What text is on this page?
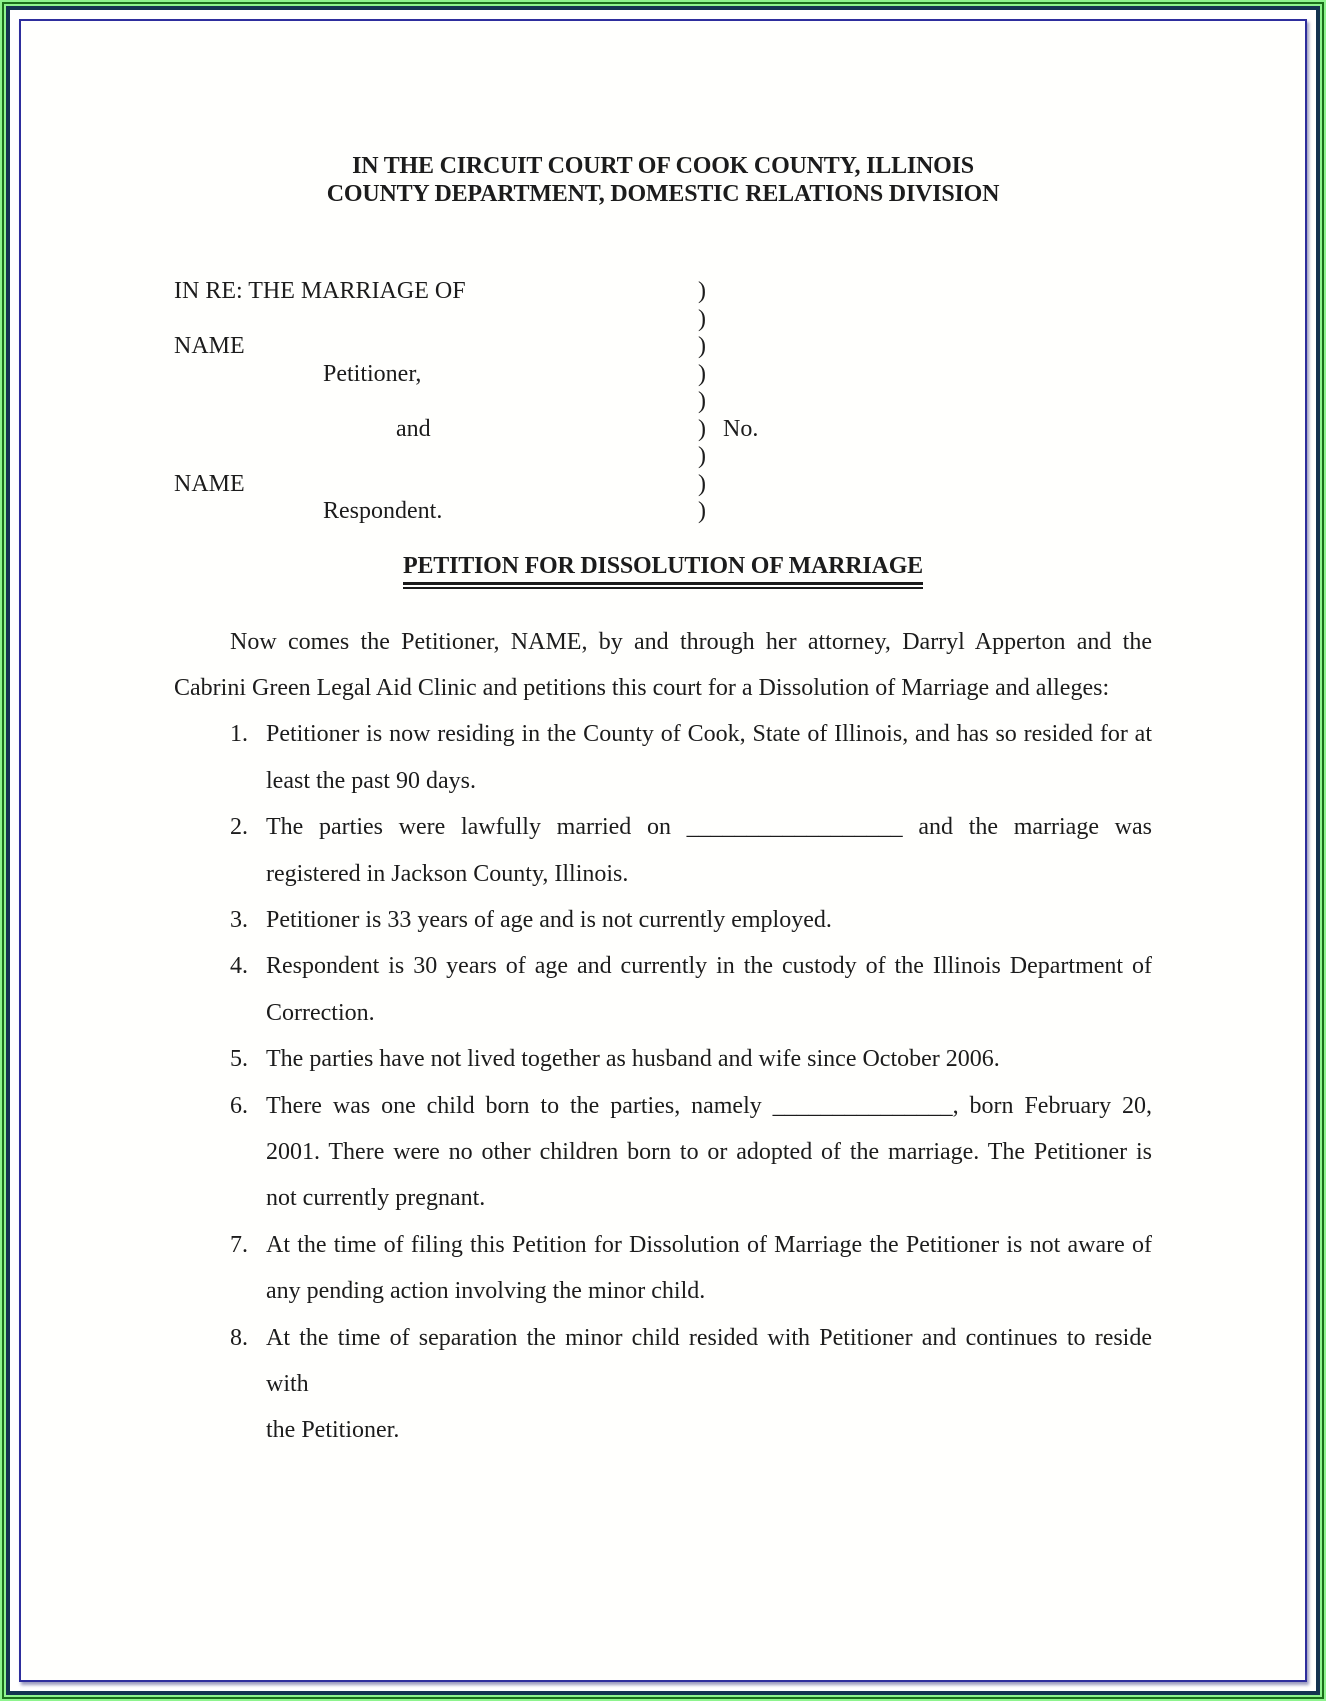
IN THE CIRCUIT COURT OF COOK COUNTY, ILLINOIS
COUNTY DEPARTMENT, DOMESTIC RELATIONS DIVISION
IN RE: THE MARRIAGE OF	)
)
NAME	)
Petitioner,	)
)
and	) No.
)
NAME	)
Respondent.	)
PETITION FOR DISSOLUTION OF MARRIAGE
Now comes the Petitioner, NAME, by and through her attorney, Darryl Apperton and the
Cabrini Green Legal Aid Clinic and petitions this court for a Dissolution of Marriage and alleges:
1. Petitioner is now residing in the County of Cook, State of Illinois, and has so resided for at
least the past 90 days.
2. The parties were lawfully married on __________________ and the marriage was
registered in Jackson County, Illinois.
3. Petitioner is 33 years of age and is not currently employed.
4. Respondent is 30 years of age and currently in the custody of the Illinois Department of
Correction.
5. The parties have not lived together as husband and wife since October 2006.
6. There was one child born to the parties, namely _______________, born February 20,
2001. There were no other children born to or adopted of the marriage. The Petitioner is
not currently pregnant.
7. At the time of filing this Petition for Dissolution of Marriage the Petitioner is not aware of
any pending action involving the minor child.
8. At the time of separation the minor child resided with Petitioner and continues to reside with
the Petitioner.
